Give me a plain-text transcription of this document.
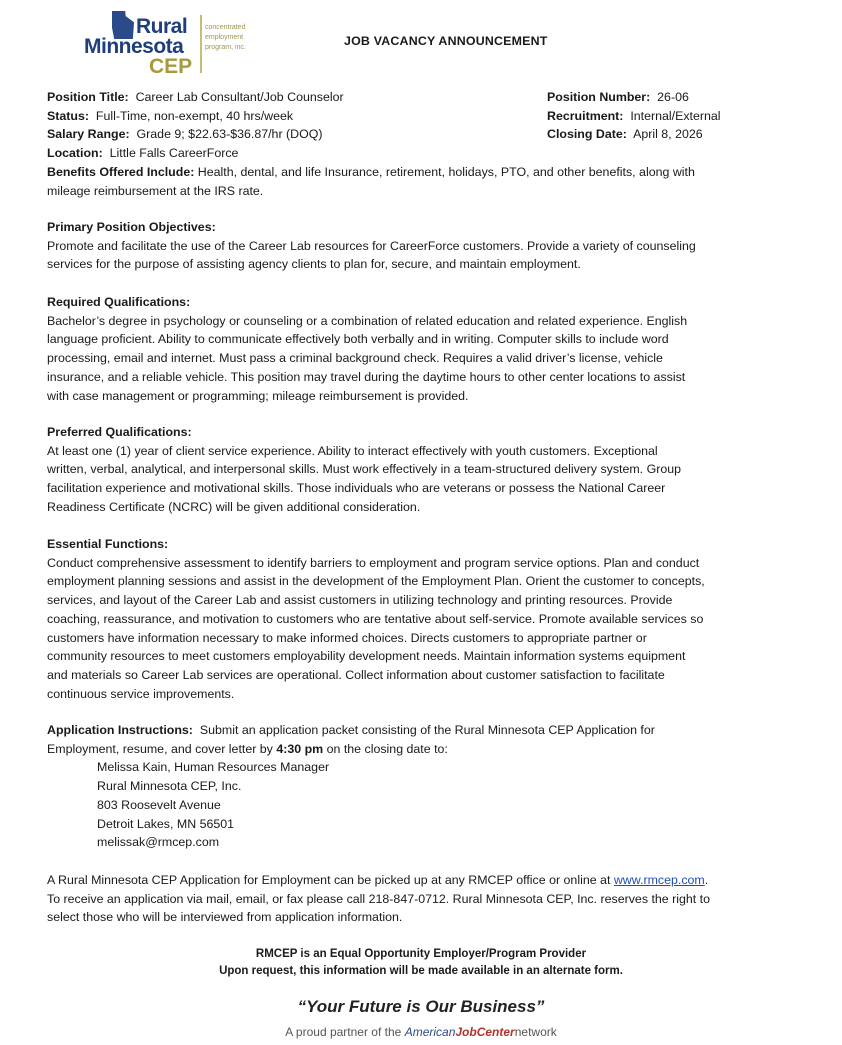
Rural
Minnesota
CEP
concentrated employment program, inc.	JOB VACANCY ANNOUNCEMENT
Position Title: Career Lab Consultant/Job Counselor
Status: Full-Time, non-exempt, 40 hrs/week
Salary Range: Grade 9; $22.63-$36.87/hr (DOQ)
Location: Little Falls CareerForce
Benefits Offered Include: Health, dental, and life Insurance, retirement, holidays, PTO, and other benefits, along with
mileage reimbursement at the IRS rate.
Position Number: 26-06
Recruitment: Internal/External
Closing Date: April 8, 2026
Primary Position Objectives:
Promote and facilitate the use of the Career Lab resources for CareerForce customers. Provide a variety of counseling
services for the purpose of assisting agency clients to plan for, secure, and maintain employment.
Required Qualifications:
Bachelor’s degree in psychology or counseling or a combination of related education and related experience. English
language proficient. Ability to communicate effectively both verbally and in writing. Computer skills to include word
processing, email and internet. Must pass a criminal background check. Requires a valid driver’s license, vehicle
insurance, and a reliable vehicle. This position may travel during the daytime hours to other center locations to assist
with case management or programming; mileage reimbursement is provided.
Preferred Qualifications:
At least one (1) year of client service experience. Ability to interact effectively with youth customers. Exceptional
written, verbal, analytical, and interpersonal skills. Must work effectively in a team-structured delivery system. Group
facilitation experience and motivational skills. Those individuals who are veterans or possess the National Career
Readiness Certificate (NCRC) will be given additional consideration.
Essential Functions:
Conduct comprehensive assessment to identify barriers to employment and program service options. Plan and conduct
employment planning sessions and assist in the development of the Employment Plan. Orient the customer to concepts,
services, and layout of the Career Lab and assist customers in utilizing technology and printing resources. Provide
coaching, reassurance, and motivation to customers who are tentative about self-service. Promote available services so
customers have information necessary to make informed choices. Directs customers to appropriate partner or
community resources to meet customers employability development needs. Maintain information systems equipment
and materials so Career Lab services are operational. Collect information about customer satisfaction to facilitate
continuous service improvements.
Application Instructions: Submit an application packet consisting of the Rural Minnesota CEP Application for
Employment, resume, and cover letter by 4:30 pm on the closing date to:
Melissa Kain, Human Resources Manager
Rural Minnesota CEP, Inc.
803 Roosevelt Avenue
Detroit Lakes, MN 56501
melissak@rmcep.com
A Rural Minnesota CEP Application for Employment can be picked up at any RMCEP office or online at www.rmcep.com.
To receive an application via mail, email, or fax please call 218-847-0712. Rural Minnesota CEP, Inc. reserves the right to
select those who will be interviewed from application information.
RMCEP is an Equal Opportunity Employer/Program Provider
Upon request, this information will be made available in an alternate form.
“Your Future is Our Business”
A proud partner of the AmericanJobCenternetwork
